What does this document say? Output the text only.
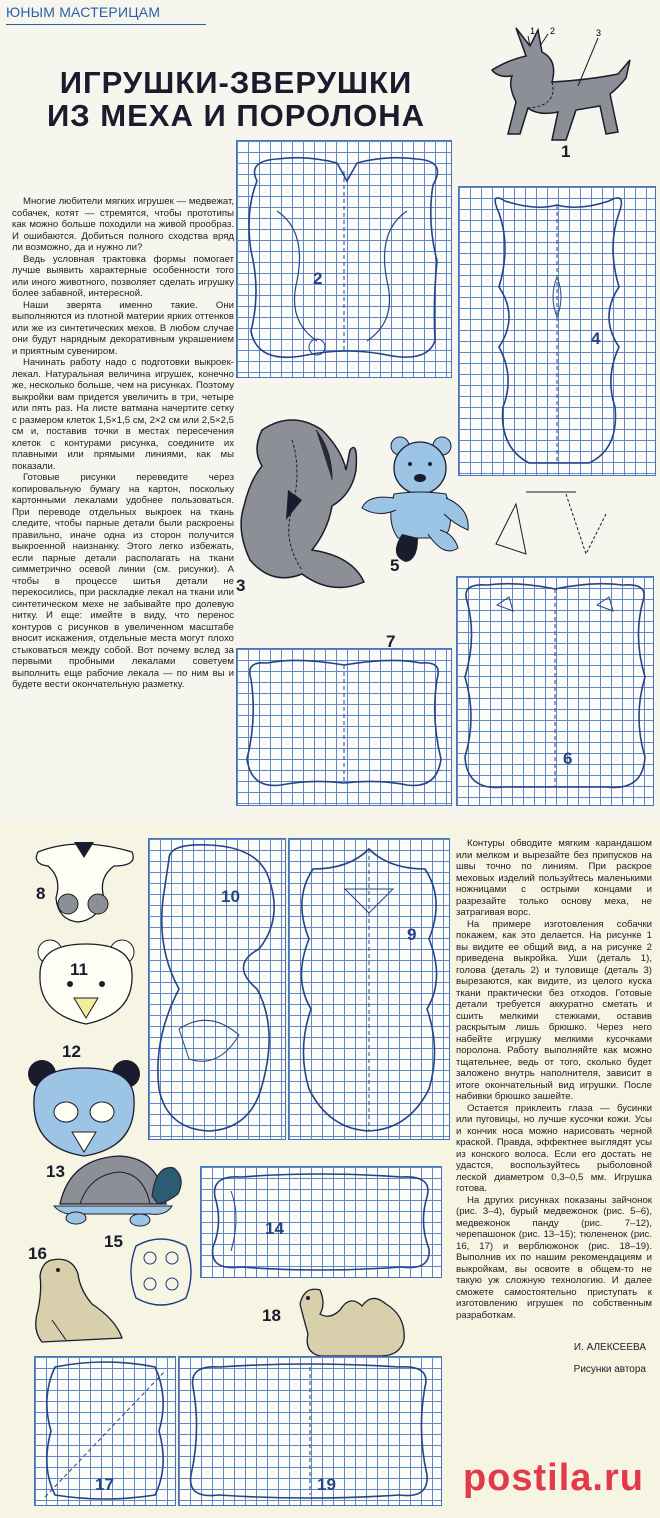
ЮНЫМ МАСТЕРИЦАМ
ИГРУШКИ-ЗВЕРУШКИ
ИЗ МЕХА И ПОРОЛОНА
1 2	3
1
2
4
3
5
6
7

Многие любители мягких игрушек — медвежат, собачек, котят — стремятся, чтобы прототипы как можно больше походили на живой прообраз. И ошибаются. Добиться полного сходства вряд ли возможно, да и нужно ли?

Ведь условная трактовка формы помогает лучше выявить характерные особенности того или иного животного, позволяет сделать игрушку более забавной, интересной.

Наши зверята именно такие. Они выполняются из плотной материи ярких оттенков или же из синтетических мехов. В любом случае они будут нарядным декоративным украшением и приятным сувениром.

Начинать работу надо с подготовки выкроек-лекал. Натуральная величина игрушек, конечно же, несколько больше, чем на рисунках. Поэтому выкройки вам придется увеличить в три, четыре или пять раз. На листе ватмана начертите сетку с размером клеток 1,5×1,5 см, 2×2 см или 2,5×2,5 см и, поставив точки в местах пересечения клеток с контурами рисунка, соедините их плавными или прямыми линиями, как мы показали.

Готовые рисунки переведите через копировальную бумагу на картон, поскольку картонными лекалами удобнее пользоваться. При переводе отдельных выкроек на ткань следите, чтобы парные детали были раскроены правильно, иначе одна из сторон получится выкроенной наизнанку. Этого легко избежать, если парные детали располагать на ткани симметрично осевой линии (см. рисунки). А чтобы в процессе шитья детали не перекосились, при раскладке лекал на ткани или синтетическом мехе не забывайте про долевую нитку. И еще: имейте в виду, что перенос контуров с рисунков в увеличенном масштабе вносит искажения, отдельные места могут плохо стыковаться между собой. Вот почему вслед за первыми пробными лекалами советуем выполнить еще рабочие лекала — по ним вы и будете вести окончательную разметку.

8
11
12
13
10
9
15
14
16
18
17	19

Контуры обводите мягким карандашом или мелком и вырезайте без припусков на швы точно по линиям. При раскрое меховых изделий пользуйтесь маленькими ножницами с острыми концами и разрезайте только основу меха, не затрагивая ворс.

На примере изготовления собачки покажем, как это делается. На рисунке 1 вы видите ее общий вид, а на рисунке 2 приведена выкройка. Уши (деталь 1), голова (деталь 2) и туловище (деталь 3) вырезаются, как видите, из целого куска ткани практически без отходов. Готовые детали требуется аккуратно сметать и сшить мелкими стежками, оставив раскрытым лишь брюшко. Через него набейте игрушку мелкими кусочками поролона. Работу выполняйте как можно тщательнее, ведь от того, сколько будет заложено внутрь наполнителя, зависит в итоге окончательный вид игрушки. После набивки брюшко зашейте.

Остается приклеить глаза — бусинки или пуговицы, но лучше кусочки кожи. Усы и кончик носа можно нарисовать черной краской. Правда, эффектнее выглядят усы из конского волоса. Если его достать не удастся, воспользуйтесь рыболовной леской диаметром 0,3–0,5 мм. Игрушка готова.

На других рисунках показаны зайчонок (рис. 3–4), бурый медвежонок (рис. 5–6), медвежонок панду (рис. 7–12), черепашонок (рис. 13–15); тюлененок (рис. 16, 17) и верблюжонок (рис. 18–19). Выполнив их по нашим рекомендациям и выкройкам, вы освоите в общем-то не такую уж сложную технологию. И далее сможете самостоятельно приступать к изготовлению игрушек по собственным разработкам.

И. АЛЕКСЕЕВА
Рисунки автора
postila.ru
